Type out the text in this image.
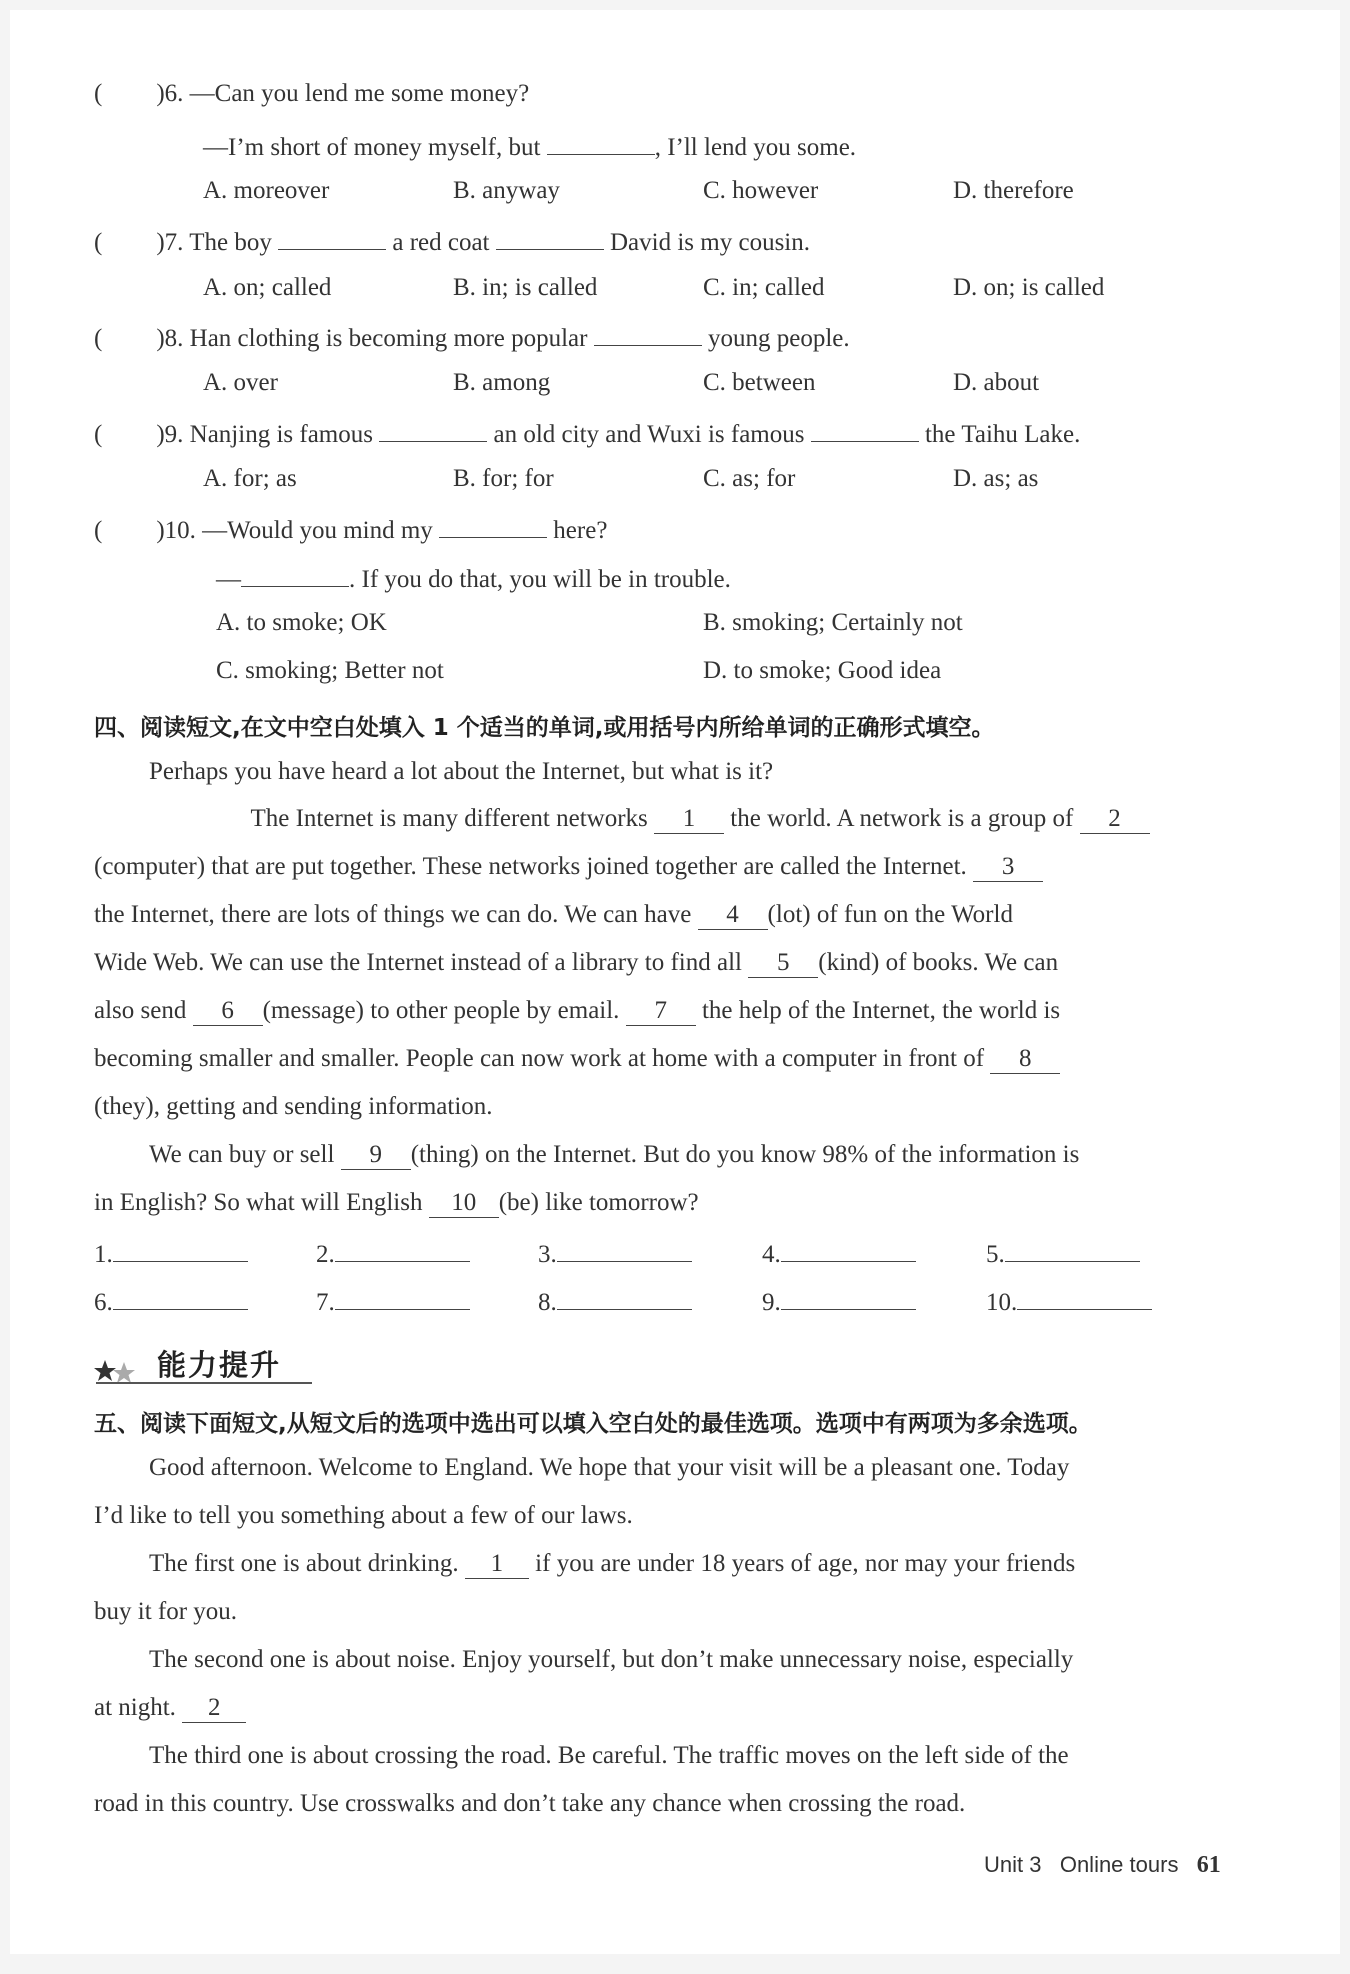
( )6. —Can you lend me some money?
—I’m short of money myself, but	, I’ll lend you some.
A. moreover	B. anyway	C. however	D. therefore
( )7. The boy	a red coat	David is my cousin.
A. on; called	B. in; is called	C. in; called	D. on; is called
( )8. Han clothing is becoming more popular	young people.
A. over	B. among	C. between	D. about
( )9. Nanjing is famous	an old city and Wuxi is famous	the Taihu Lake.
A. for; as	B. for; for	C. as; for	D. as; as
( )10. —Would you mind my	here?
—	. If you do that, you will be in trouble.
A. to smoke; OK	B. smoking; Certainly not
C. smoking; Better not	D. to smoke; Good idea
四、阅读短文,在文中空白处填入 1 个适当的单词,或用括号内所给单词的正确形式填空。
Perhaps you have heard a lot about the Internet, but what is it?
The Internet is many different networks 1 the world. A network is a group of 2
(computer) that are put together. These networks joined together are called the Internet. 3
the Internet, there are lots of things we can do. We can have 4 (lot) of fun on the World
Wide Web. We can use the Internet instead of a library to find all 5 (kind) of books. We can
also send 6 (message) to other people by email. 7 the help of the Internet, the world is
becoming smaller and smaller. People can now work at home with a computer in front of 8
(they), getting and sending information.
We can buy or sell 9 (thing) on the Internet. But do you know 98% of the information is
in English? So what will English 10 (be) like tomorrow?
1.	2.	3.	4.	5.
6.	7.	8.	9.	10.
能力提升
五、阅读下面短文,从短文后的选项中选出可以填入空白处的最佳选项。选项中有两项为多余选项。
Good afternoon. Welcome to England. We hope that your visit will be a pleasant one. Today
I’d like to tell you something about a few of our laws.
The first one is about drinking. 1 if you are under 18 years of age, nor may your friends
buy it for you.
The second one is about noise. Enjoy yourself, but don’t make unnecessary noise, especially
at night. 2
The third one is about crossing the road. Be careful. The traffic moves on the left side of the
road in this country. Use crosswalks and don’t take any chance when crossing the road.
Unit 3 Online tours 61
